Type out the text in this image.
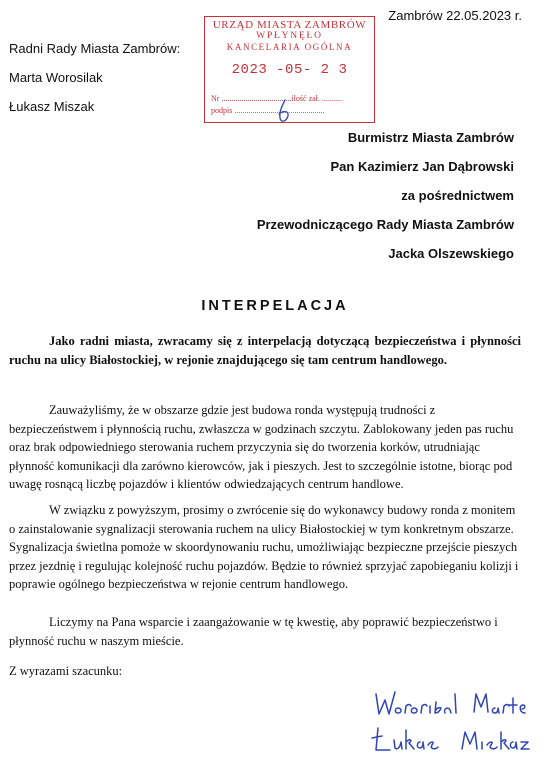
Zambrów 22.05.2023 r.
Radni Rady Miasta Zambrów:
Marta Worosilak
Łukasz Miszak
URZĄD MIASTA ZAMBRÓW
WPŁYNĘŁO
KANCELARIA OGÓLNA
2023 -05- 2 3
Nr ...................................ilość zał. ..........
podpis .............................................
Burmistrz Miasta Zambrów
Pan Kazimierz Jan Dąbrowski
za pośrednictwem
Przewodniczącego Rady Miasta Zambrów
Jacka Olszewskiego
INTERPELACJA
Jako radni miasta, zwracamy się z interpelacją dotyczącą bezpieczeństwa i płynności ruchu na ulicy Białostockiej, w rejonie znajdującego się tam centrum handlowego.
Zauważyliśmy, że w obszarze gdzie jest budowa ronda występują trudności z bezpieczeństwem i płynnością ruchu, zwłaszcza w godzinach szczytu. Zablokowany jeden pas ruchu oraz brak odpowiedniego sterowania ruchem przyczynia się do tworzenia korków, utrudniając płynność komunikacji dla zarówno kierowców, jak i pieszych. Jest to szczególnie istotne, biorąc pod uwagę rosnącą liczbę pojazdów i klientów odwiedzających centrum handlowe.
W związku z powyższym, prosimy o zwrócenie się do wykonawcy budowy ronda z monitem o zainstalowanie sygnalizacji sterowania ruchem na ulicy Białostockiej w tym konkretnym obszarze. Sygnalizacja świetlna pomoże w skoordynowaniu ruchu, umożliwiając bezpieczne przejście pieszych przez jezdnię i regulując kolejność ruchu pojazdów. Będzie to również sprzyjać zapobieganiu kolizji i poprawie ogólnego bezpieczeństwa w rejonie centrum handlowego.
Liczymy na Pana wsparcie i zaangażowanie w tę kwestię, aby poprawić bezpieczeństwo i płynność ruchu w naszym mieście.
Z wyrazami szacunku:
